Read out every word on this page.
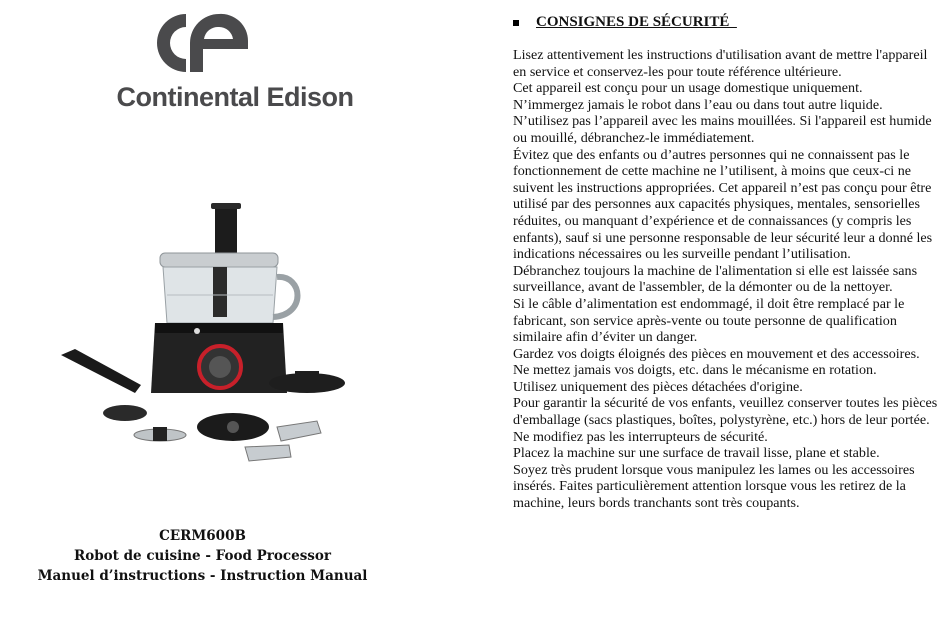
Continental Edison
CERM600B
Robot de cuisine - Food Processor
Manuel d’instructions - Instruction Manual
CONSIGNES DE SÉCURITÉ

Lisez attentivement les instructions d'utilisation avant de mettre l'appareil en service et conservez-les pour toute référence ultérieure.

Cet appareil est conçu pour un usage domestique uniquement.

N’immergez jamais le robot dans l’eau ou dans tout autre liquide.

N’utilisez pas l’appareil avec les mains mouillées. Si l'appareil est humide ou mouillé, débranchez-le immédiatement.

Évitez que des enfants ou d’autres personnes qui ne connaissent pas le fonctionnement de cette machine ne l’utilisent, à moins que ceux-ci ne suivent les instructions appropriées. Cet appareil n’est pas conçu pour être utilisé par des personnes aux capacités physiques, mentales, sensorielles réduites, ou manquant d’expérience et de connaissances (y compris les enfants), sauf si une personne responsable de leur sécurité leur a donné les indications nécessaires ou les surveille pendant l’utilisation.

Débranchez toujours la machine de l'alimentation si elle est laissée sans surveillance, avant de l'assembler, de la démonter ou de la nettoyer.

Si le câble d’alimentation est endommagé, il doit être remplacé par le fabricant, son service après-vente ou toute personne de qualification similaire afin d’éviter un danger.

Gardez vos doigts éloignés des pièces en mouvement et des accessoires. Ne mettez jamais vos doigts, etc. dans le mécanisme en rotation.

Utilisez uniquement des pièces détachées d'origine.

Pour garantir la sécurité de vos enfants, veuillez conserver toutes les pièces d'emballage (sacs plastiques, boîtes, polystyrène, etc.) hors de leur portée.

Ne modifiez pas les interrupteurs de sécurité.

Placez la machine sur une surface de travail lisse, plane et stable.

Soyez très prudent lorsque vous manipulez les lames ou les accessoires insérés. Faites particulièrement attention lorsque vous les retirez de la machine, leurs bords tranchants sont très coupants.
